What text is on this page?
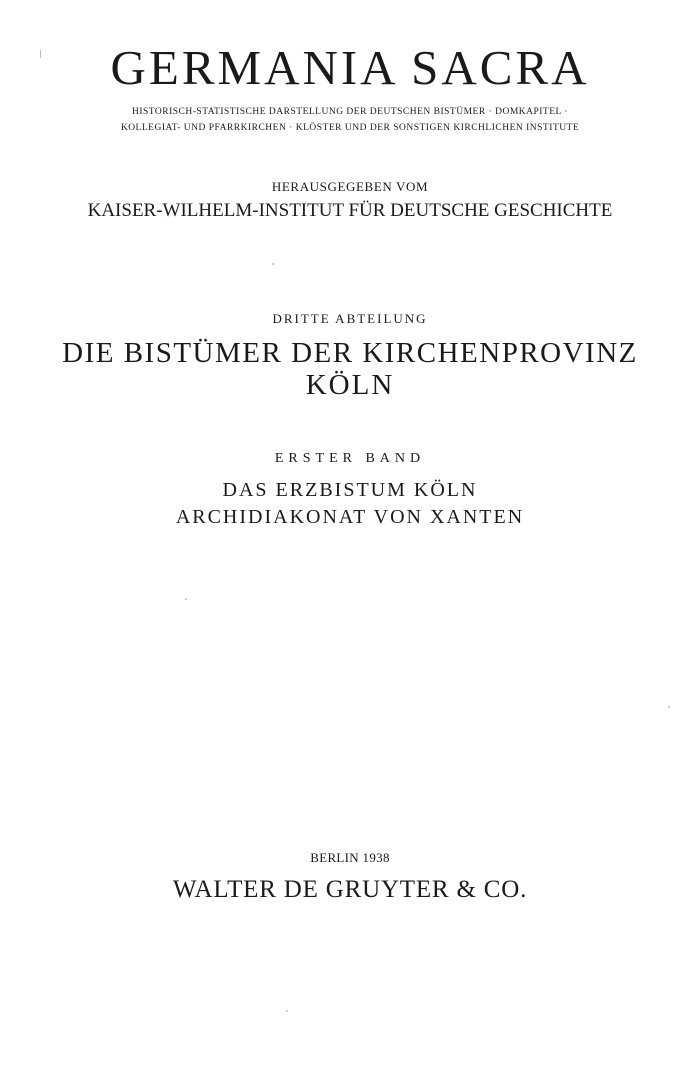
GERMANIA SACRA

HISTORISCH-STATISTISCHE DARSTELLUNG DER DEUTSCHEN BISTÜMER · DOMKAPITEL ·

KOLLEGIAT- UND PFARRKIRCHEN · KLÖSTER UND DER SONSTIGEN KIRCHLICHEN INSTITUTE

HERAUSGEGEBEN VOM

KAISER-WILHELM-INSTITUT FÜR DEUTSCHE GESCHICHTE

DRITTE ABTEILUNG

DIE BISTÜMER DER KIRCHENPROVINZ
KÖLN

ERSTER BAND

DAS ERZBISTUM KÖLN

ARCHIDIAKONAT VON XANTEN

BERLIN 1938

WALTER DE GRUYTER & CO.
